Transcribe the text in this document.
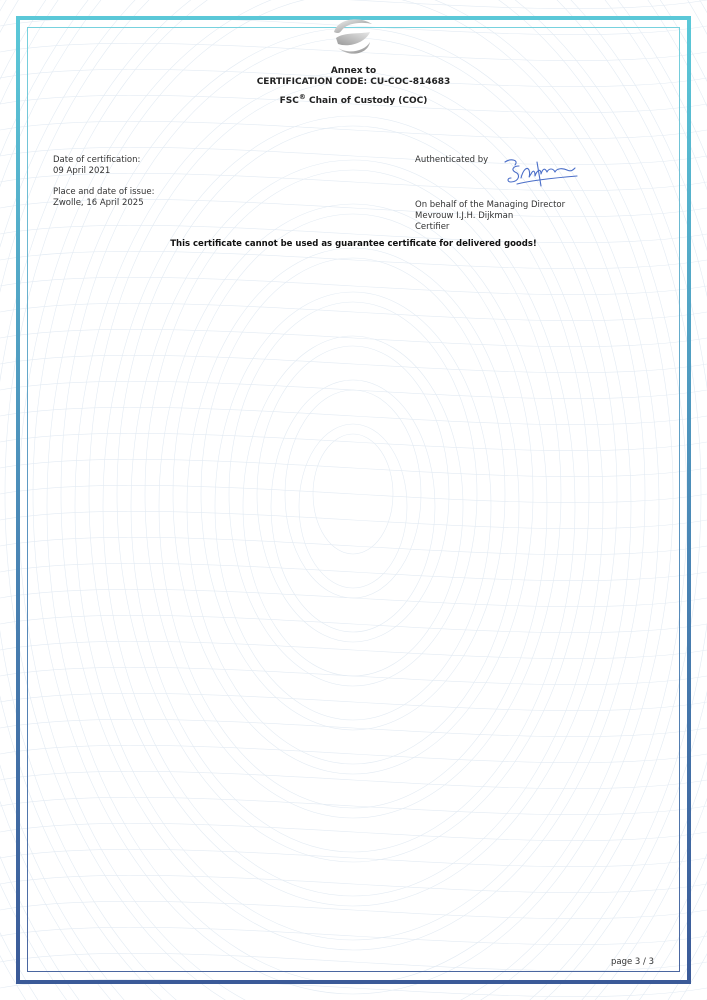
Annex to
CERTIFICATION CODE: CU-COC-814683
FSC® Chain of Custody (COC)
Date of certification:
09 April 2021
Place and date of issue:
Zwolle, 16 April 2025
Authenticated by
On behalf of the Managing Director
Mevrouw I.J.H. Dijkman
Certifier
This certificate cannot be used as guarantee certificate for delivered goods!
page 3 / 3
